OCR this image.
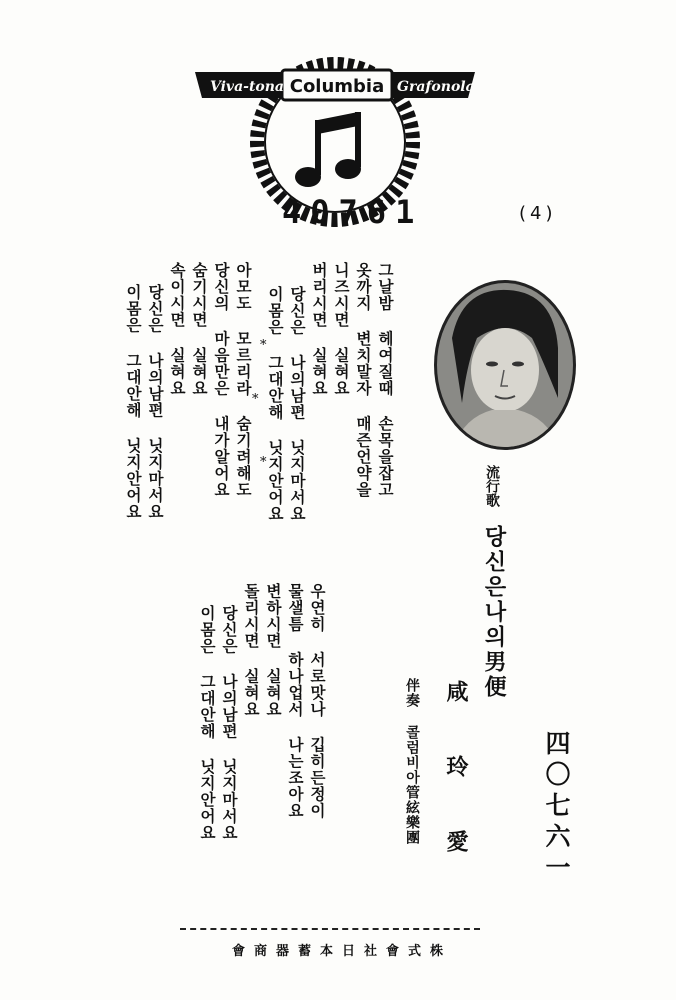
Viva-tonal Columbia Grafonola
40761	(4)
流行歌
당신은나의男便
咸 玲 愛
伴奏 콜럼비아管絃樂團	四〇七六一
그날밤 헤여질때 손목을잡고
옷까지 변치말자 매즌언약을
니즈시면 실혀요
버리시면 실혀요
당신은 나의남편 닛지마서요
이몸은 그대안해 닛지안어요
*
*
*
아모도 모르리라 숨기려해도
당신의 마음만은 내가알어요
숨기시면 실혀요
속이시면 실혀요
당신은 나의남편 닛지마서요
이몸은 그대안해 닛지안어요
우연히 서로맛나 깁히든정이
물샐틈 하나업서 나는조아요
변하시면 실혀요
돌리시면 실혀요
당신은 나의남편 닛지마서요
이몸은 그대안해 닛지안어요
會商器蓄本日社會式株
